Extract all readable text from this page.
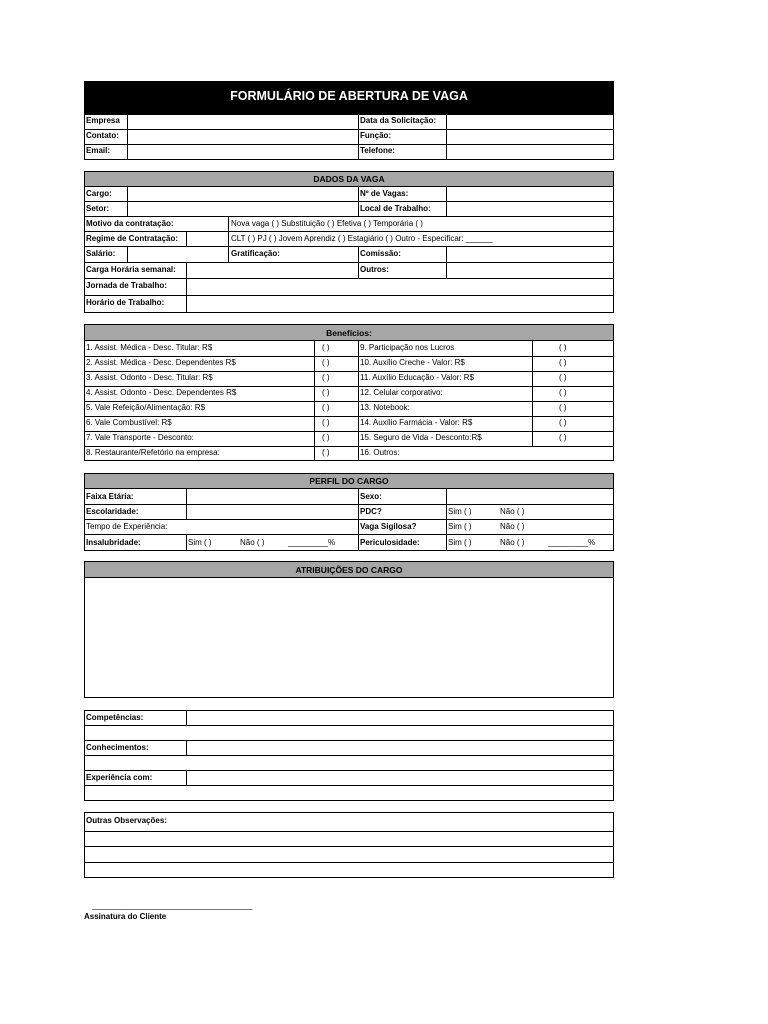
FORMULÁRIO DE ABERTURA DE VAGA
Empresa	Data da Solicitação:
Contato:	Função:
Email:	Telefone:
DADOS DA VAGA
Cargo:	Nº de Vagas:
Setor:	Local de Trabalho:
Motivo da contratação:	Nova vaga ( ) Substituição ( ) Efetiva ( ) Temporária ( )
Regime de Contratação:	CLT ( ) PJ ( ) Jovem Aprendiz ( ) Estagiário ( ) Outro - Especificar: ______
Salário:	Gratificação:	Comissão:
Carga Horária semanal:	Outros:
Jornada de Trabalho:
Horário de Trabalho:
Benefícios:
1. Assist. Médica - Desc. Titular: R$	( )	9. Participação nos Lucros	( )
2. Assist. Médica - Desc. Dependentes R$	( )	10. Auxílio Creche - Valor: R$	( )
3. Assist. Odonto - Desc. Titular: R$	( )	11. Auxílio Educação - Valor: R$	( )
4. Assist. Odonto - Desc. Dependentes R$	( )	12. Celular corporativo:	( )
5. Vale Refeição/Alimentação: R$	( )	13. Notebook:	( )
6. Vale Combustível: R$	( )	14. Auxílio Farmácia - Valor: R$	( )
7. Vale Transporte - Desconto:	( )	15. Seguro de Vida - Desconto:R$	( )
8. Restaurante/Refetório na empresa:	( )	16. Outros:
PERFIL DO CARGO
Faixa Etária:	Sexo:
Escolaridade:	PDC?	Sim ( )	Não ( )
Tempo de Experiência:	Vaga Sigilosa?	Sim ( )	Não ( )
Insalubridade:	Sim ( )	Não ( )	_________%	Periculosidade:	Sim ( )	Não ( )	_________%
ATRIBUIÇÕES DO CARGO
Competências:
Conhecimentos:
Experiência com:
Outras Observações:
____________________________________
Assinatura do Cliente
